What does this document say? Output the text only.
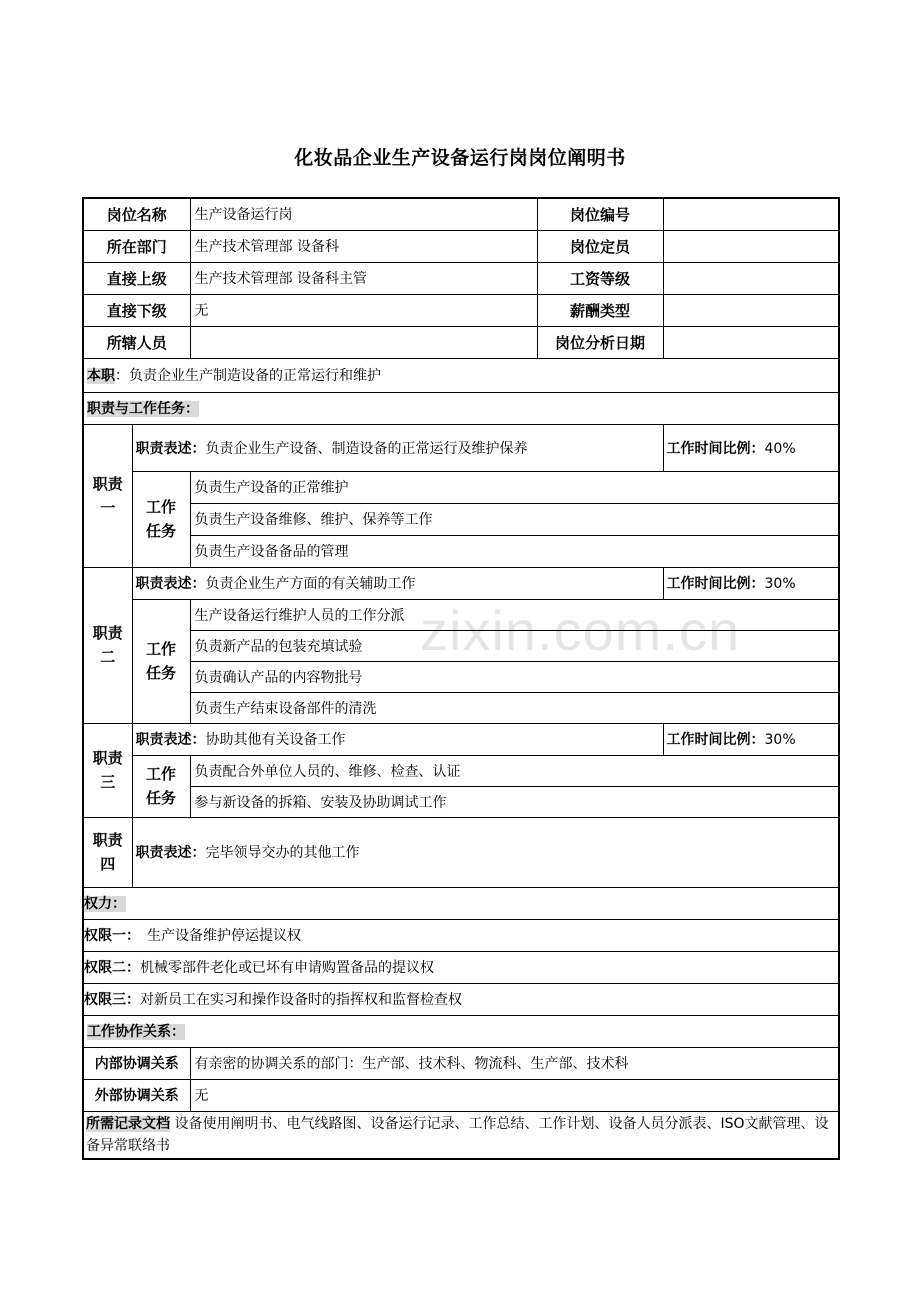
化妆品企业生产设备运行岗岗位阐明书
zixin.com.cn
岗位名称		生产设备运行岗	岗位编号	
所在部门		生产技术管理部 设备科	岗位定员	
直接上级		生产技术管理部 设备科主管	工资等级	
直接下级		无	薪酬类型	
所辖人员			岗位分析日期	
本职：负责企业生产制造设备的正常运行和维护				
职责与工作任务：				
职责一	职责表述：负责企业生产设备、制造设备的正常运行及维护保养			工作时间比例：40%
	工作任务	负责生产设备的正常维护		
		负责生产设备维修、维护、保养等工作		
		负责生产设备备品的管理		
职责二	职责表述：负责企业生产方面的有关辅助工作			工作时间比例：30%
	工作任务	生产设备运行维护人员的工作分派		
		负责新产品的包装充填试验		
		负责确认产品的内容物批号		
		负责生产结束设备部件的清洗		
职责三	职责表述：协助其他有关设备工作			工作时间比例：30%
	工作任务	负责配合外单位人员的、维修、检查、认证		
		参与新设备的拆箱、安装及协助调试工作		
职责四	职责表述：完毕领导交办的其他工作			
权力：				
权限一：　生产设备维护停运提议权				
权限二：机械零部件老化或已坏有申请购置备品的提议权				
权限三：对新员工在实习和操作设备时的指挥权和监督检查权				
工作协作关系：				
内部协调关系		有亲密的协调关系的部门：生产部、技术科、物流科、生产部、技术科		
外部协调关系		无		
所需记录文档 设备使用阐明书、电气线路图、设备运行记录、工作总结、工作计划、设备人员分派表、ISO文献管理、设备异常联络书				
